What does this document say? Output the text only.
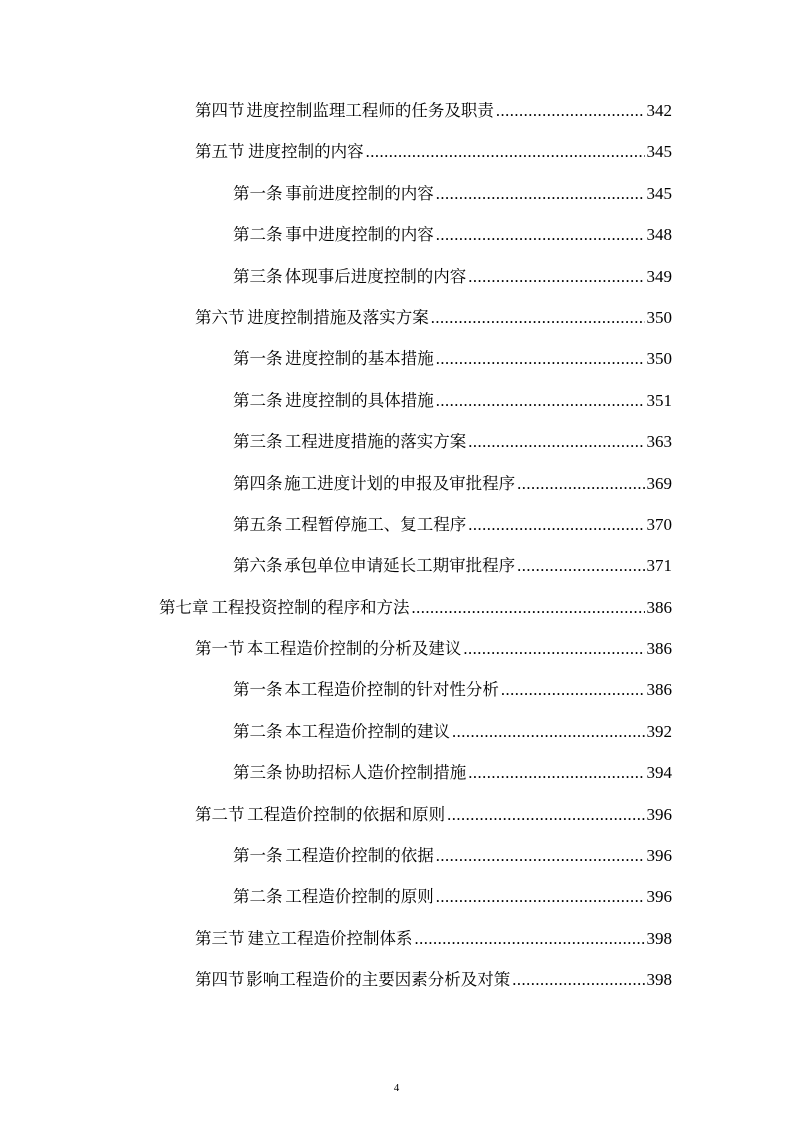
第四节 进度控制监理工程师的任务及职责 .....	342
第五节 进度控制的内容 .....	345
第一条 事前进度控制的内容 .....	345
第二条 事中进度控制的内容 .....	348
第三条 体现事后进度控制的内容 .....	349
第六节 进度控制措施及落实方案 .....	350
第一条 进度控制的基本措施 .....	350
第二条 进度控制的具体措施 .....	351
第三条 工程进度措施的落实方案 .....	363
第四条 施工进度计划的申报及审批程序 .....	369
第五条 工程暂停施工、复工程序 .....	370
第六条 承包单位申请延长工期审批程序 .....	371
第七章 工程投资控制的程序和方法 .....	386
第一节 本工程造价控制的分析及建议 .....	386
第一条 本工程造价控制的针对性分析 .....	386
第二条 本工程造价控制的建议 .....	392
第三条 协助招标人造价控制措施 .....	394
第二节 工程造价控制的依据和原则 .....	396
第一条 工程造价控制的依据 .....	396
第二条 工程造价控制的原则 .....	396
第三节 建立工程造价控制体系 .....	398
第四节 影响工程造价的主要因素分析及对策 .....	398
4
